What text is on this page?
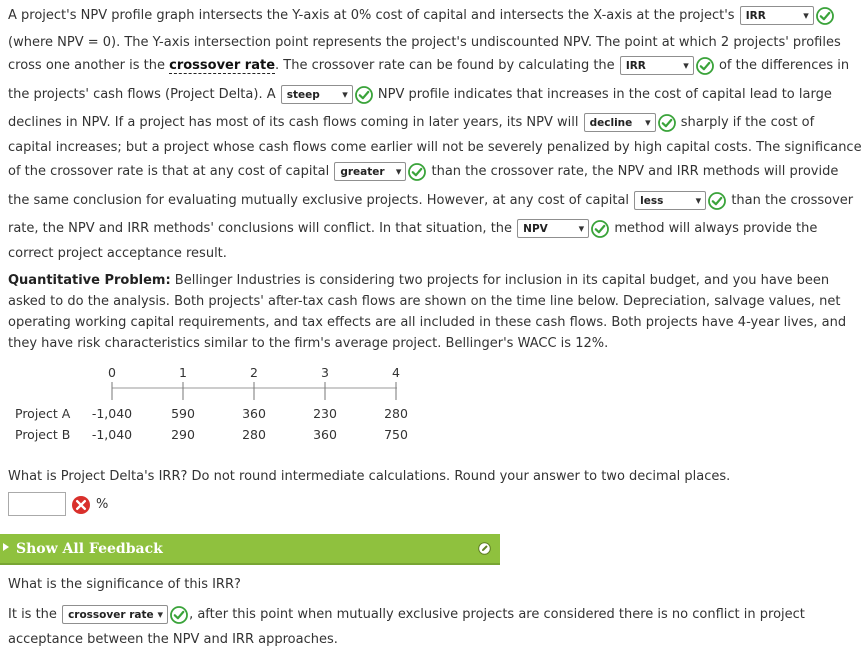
A project's NPV profile graph intersects the Y-axis at 0% cost of capital and intersects the X-axis at the project's IRR	▾
(where NPV = 0). The Y-axis intersection point represents the project's undiscounted NPV. The point at which 2 projects' profiles
cross one another is the crossover rate. The crossover rate can be found by calculating the IRR	▾ of the differences in
the projects' cash flows (Project Delta). A steep ▾ NPV profile indicates that increases in the cost of capital lead to large
declines in NPV. If a project has most of its cash flows coming in later years, its NPV will decline ▾ sharply if the cost of
capital increases; but a project whose cash flows come earlier will not be severely penalized by high capital costs. The significance
of the crossover rate is that at any cost of capital greater ▾ than the crossover rate, the NPV and IRR methods will provide
the same conclusion for evaluating mutually exclusive projects. However, at any cost of capital less	▾ than the crossover
rate, the NPV and IRR methods' conclusions will conflict. In that situation, the NPV	▾ method will always provide the
correct project acceptance result.
Quantitative Problem: Bellinger Industries is considering two projects for inclusion in its capital budget, and you have been
asked to do the analysis. Both projects' after-tax cash flows are shown on the time line below. Depreciation, salvage values, net
operating working capital requirements, and tax effects are all included in these cash flows. Both projects have 4-year lives, and
they have risk characteristics similar to the firm's average project. Bellinger's WACC is 12%.
0	1	2	3	4
Project A -1,040	590	360	230	280
Project B -1,040	290	280	360	750
What is Project Delta's IRR? Do not round intermediate calculations. Round your answer to two decimal places.
%
Show All Feedback
What is the significance of this IRR?
It is the crossover rate ▾ , after this point when mutually exclusive projects are considered there is no conflict in project
acceptance between the NPV and IRR approaches.
